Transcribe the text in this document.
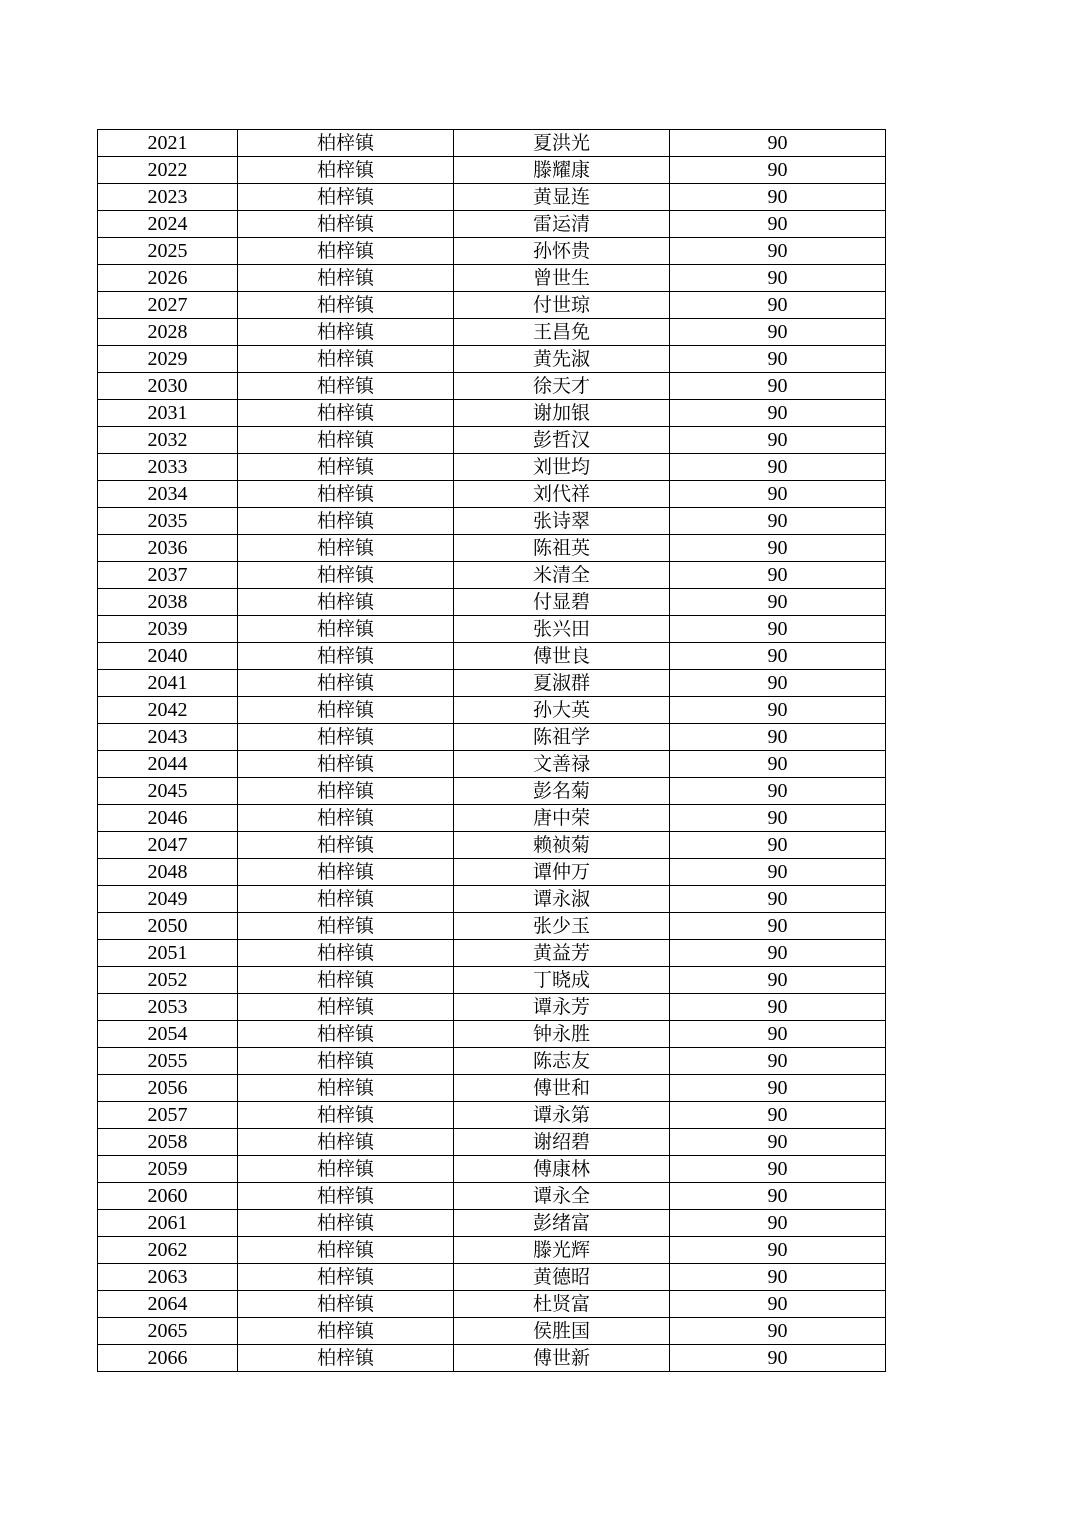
2021	柏梓镇	夏洪光	90
2022	柏梓镇	滕耀康	90
2023	柏梓镇	黄显连	90
2024	柏梓镇	雷运清	90
2025	柏梓镇	孙怀贵	90
2026	柏梓镇	曾世生	90
2027	柏梓镇	付世琼	90
2028	柏梓镇	王昌免	90
2029	柏梓镇	黄先淑	90
2030	柏梓镇	徐天才	90
2031	柏梓镇	谢加银	90
2032	柏梓镇	彭哲汉	90
2033	柏梓镇	刘世均	90
2034	柏梓镇	刘代祥	90
2035	柏梓镇	张诗翠	90
2036	柏梓镇	陈祖英	90
2037	柏梓镇	米清全	90
2038	柏梓镇	付显碧	90
2039	柏梓镇	张兴田	90
2040	柏梓镇	傅世良	90
2041	柏梓镇	夏淑群	90
2042	柏梓镇	孙大英	90
2043	柏梓镇	陈祖学	90
2044	柏梓镇	文善禄	90
2045	柏梓镇	彭名菊	90
2046	柏梓镇	唐中荣	90
2047	柏梓镇	赖祯菊	90
2048	柏梓镇	谭仲万	90
2049	柏梓镇	谭永淑	90
2050	柏梓镇	张少玉	90
2051	柏梓镇	黄益芳	90
2052	柏梓镇	丁晓成	90
2053	柏梓镇	谭永芳	90
2054	柏梓镇	钟永胜	90
2055	柏梓镇	陈志友	90
2056	柏梓镇	傅世和	90
2057	柏梓镇	谭永第	90
2058	柏梓镇	谢绍碧	90
2059	柏梓镇	傅康林	90
2060	柏梓镇	谭永全	90
2061	柏梓镇	彭绪富	90
2062	柏梓镇	滕光辉	90
2063	柏梓镇	黄德昭	90
2064	柏梓镇	杜贤富	90
2065	柏梓镇	侯胜国	90
2066	柏梓镇	傅世新	90
